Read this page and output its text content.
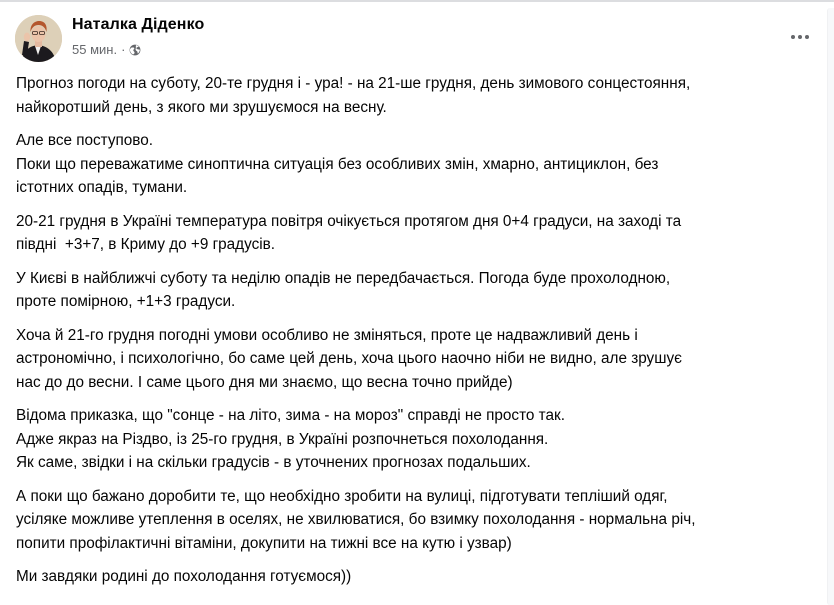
Наталка Діденко
55 мин. ·

Прогноз погоди на суботу, 20-те грудня і - ура! - на 21-ше грудня, день зимового сонцестояння,
найкоротший день, з якого ми зрушуємося на весну.

Але все поступово.
Поки що переважатиме синоптична ситуація без особливих змін, хмарно, антициклон, без
істотних опадів, тумани.

20-21 грудня в Україні температура повітря очікується протягом дня 0+4 градуси, на заході та
півдні  +3+7, в Криму до +9 градусів.

У Києві в найближчі суботу та неділю опадів не передбачається. Погода буде прохолодною,
проте помірною, +1+3 градуси.

Хоча й 21-го грудня погодні умови особливо не зміняться, проте це надважливий день і
астрономічно, і психологічно, бо саме цей день, хоча цього наочно ніби не видно, але зрушує
нас до до весни. І саме цього дня ми знаємо, що весна точно прийде)

Відома приказка, що "сонце - на літо, зима - на мороз" справді не просто так.
Адже якраз на Різдво, із 25-го грудня, в Україні розпочнеться похолодання.
Як саме, звідки і на скільки градусів - в уточнених прогнозах подальших.

А поки що бажано доробити те, що необхідно зробити на вулиці, підготувати тепліший одяг,
усіляке можливе утеплення в оселях, не хвилюватися, бо взимку похолодання - нормальна річ,
попити профілактичні вітаміни, докупити на тижні все на кутю і узвар)

Ми завдяки родині до похолодання готуємося))
